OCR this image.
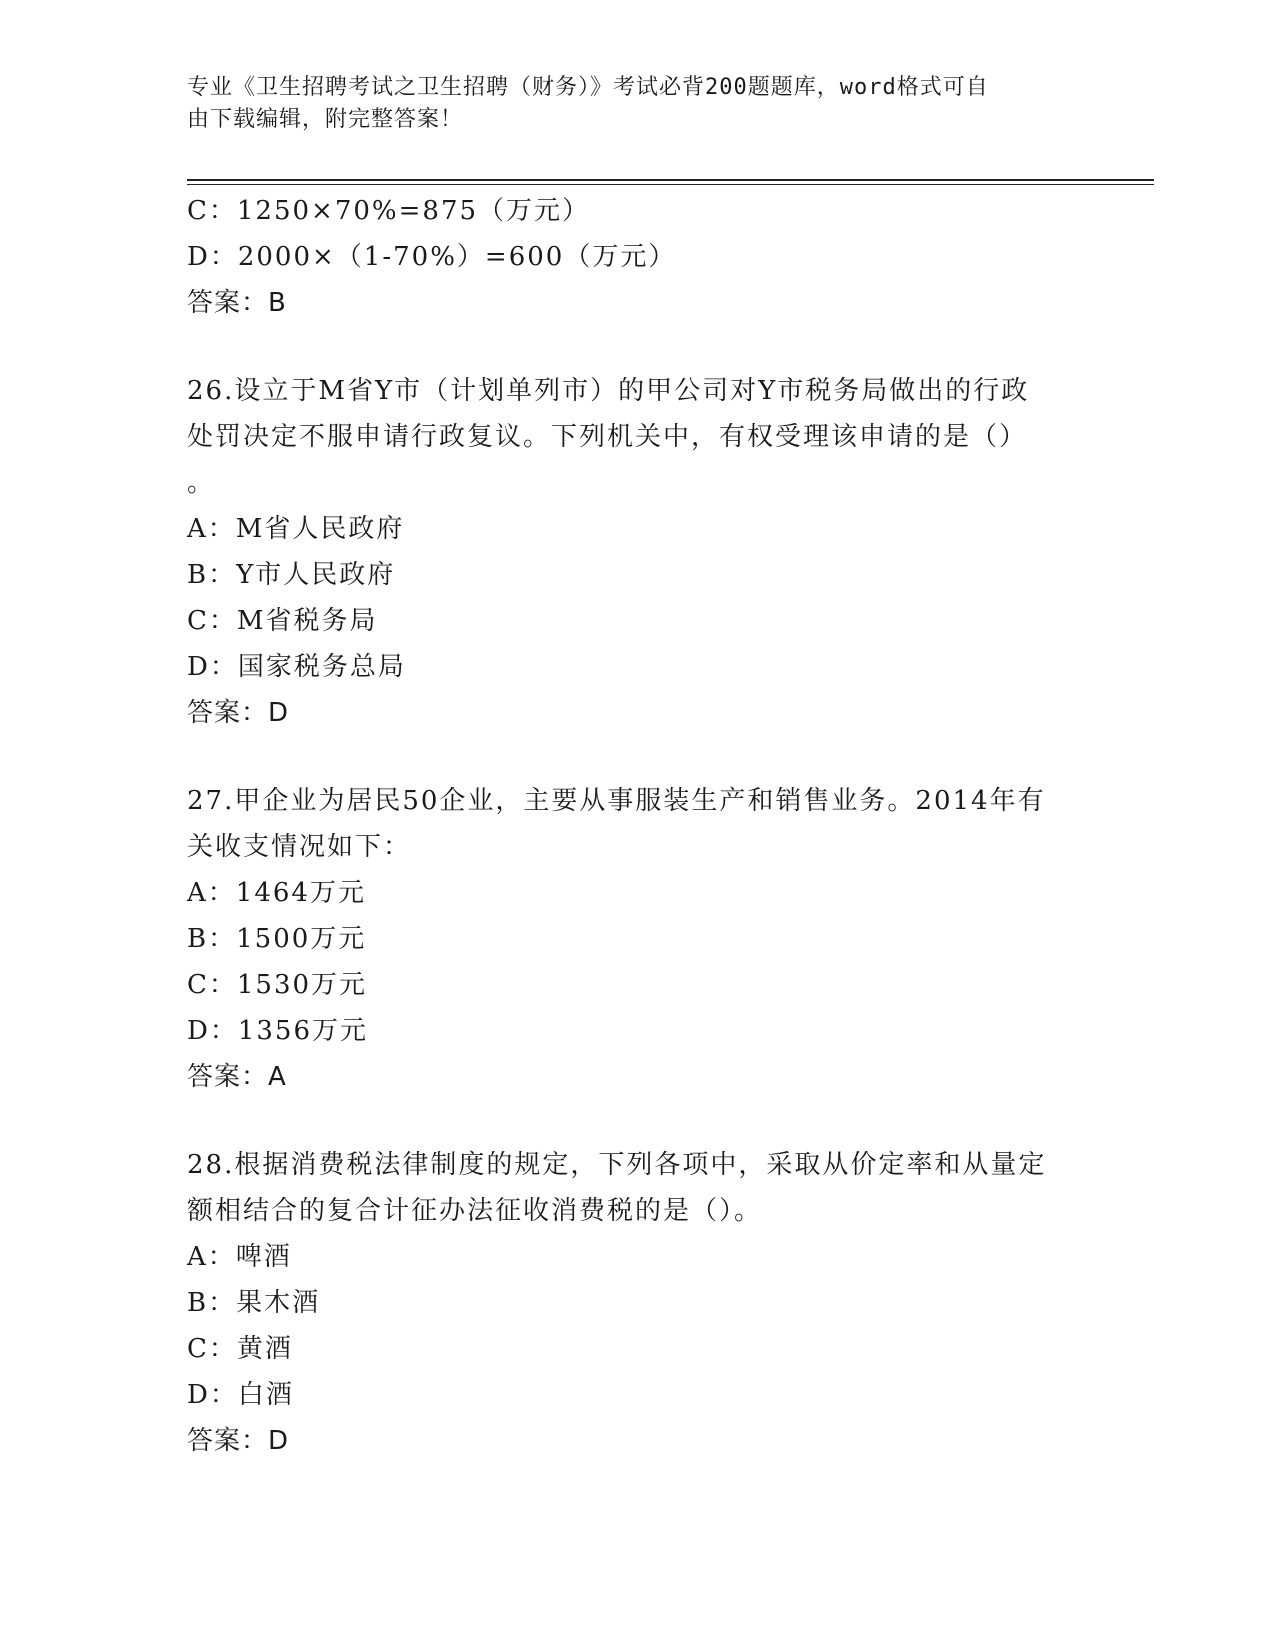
专业《卫生招聘考试之卫生招聘（财务）》考试必背200题题库，word格式可自
由下载编辑，附完整答案！
C：1250×70%=875（万元）
D：2000×（1-70%）=600（万元）
答案：B
26.设立于M省Y市（计划单列市）的甲公司对Y市税务局做出的行政
处罚决定不服申请行政复议。下列机关中，有权受理该申请的是（）
。
A：M省人民政府
B：Y市人民政府
C：M省税务局
D：国家税务总局
答案：D
27.甲企业为居民50企业，主要从事服装生产和销售业务。2014年有
关收支情况如下：
A：1464万元
B：1500万元
C：1530万元
D：1356万元
答案：A
28.根据消费税法律制度的规定，下列各项中，采取从价定率和从量定
额相结合的复合计征办法征收消费税的是（）。
A：啤酒
B：果木酒
C：黄酒
D：白酒
答案：D
